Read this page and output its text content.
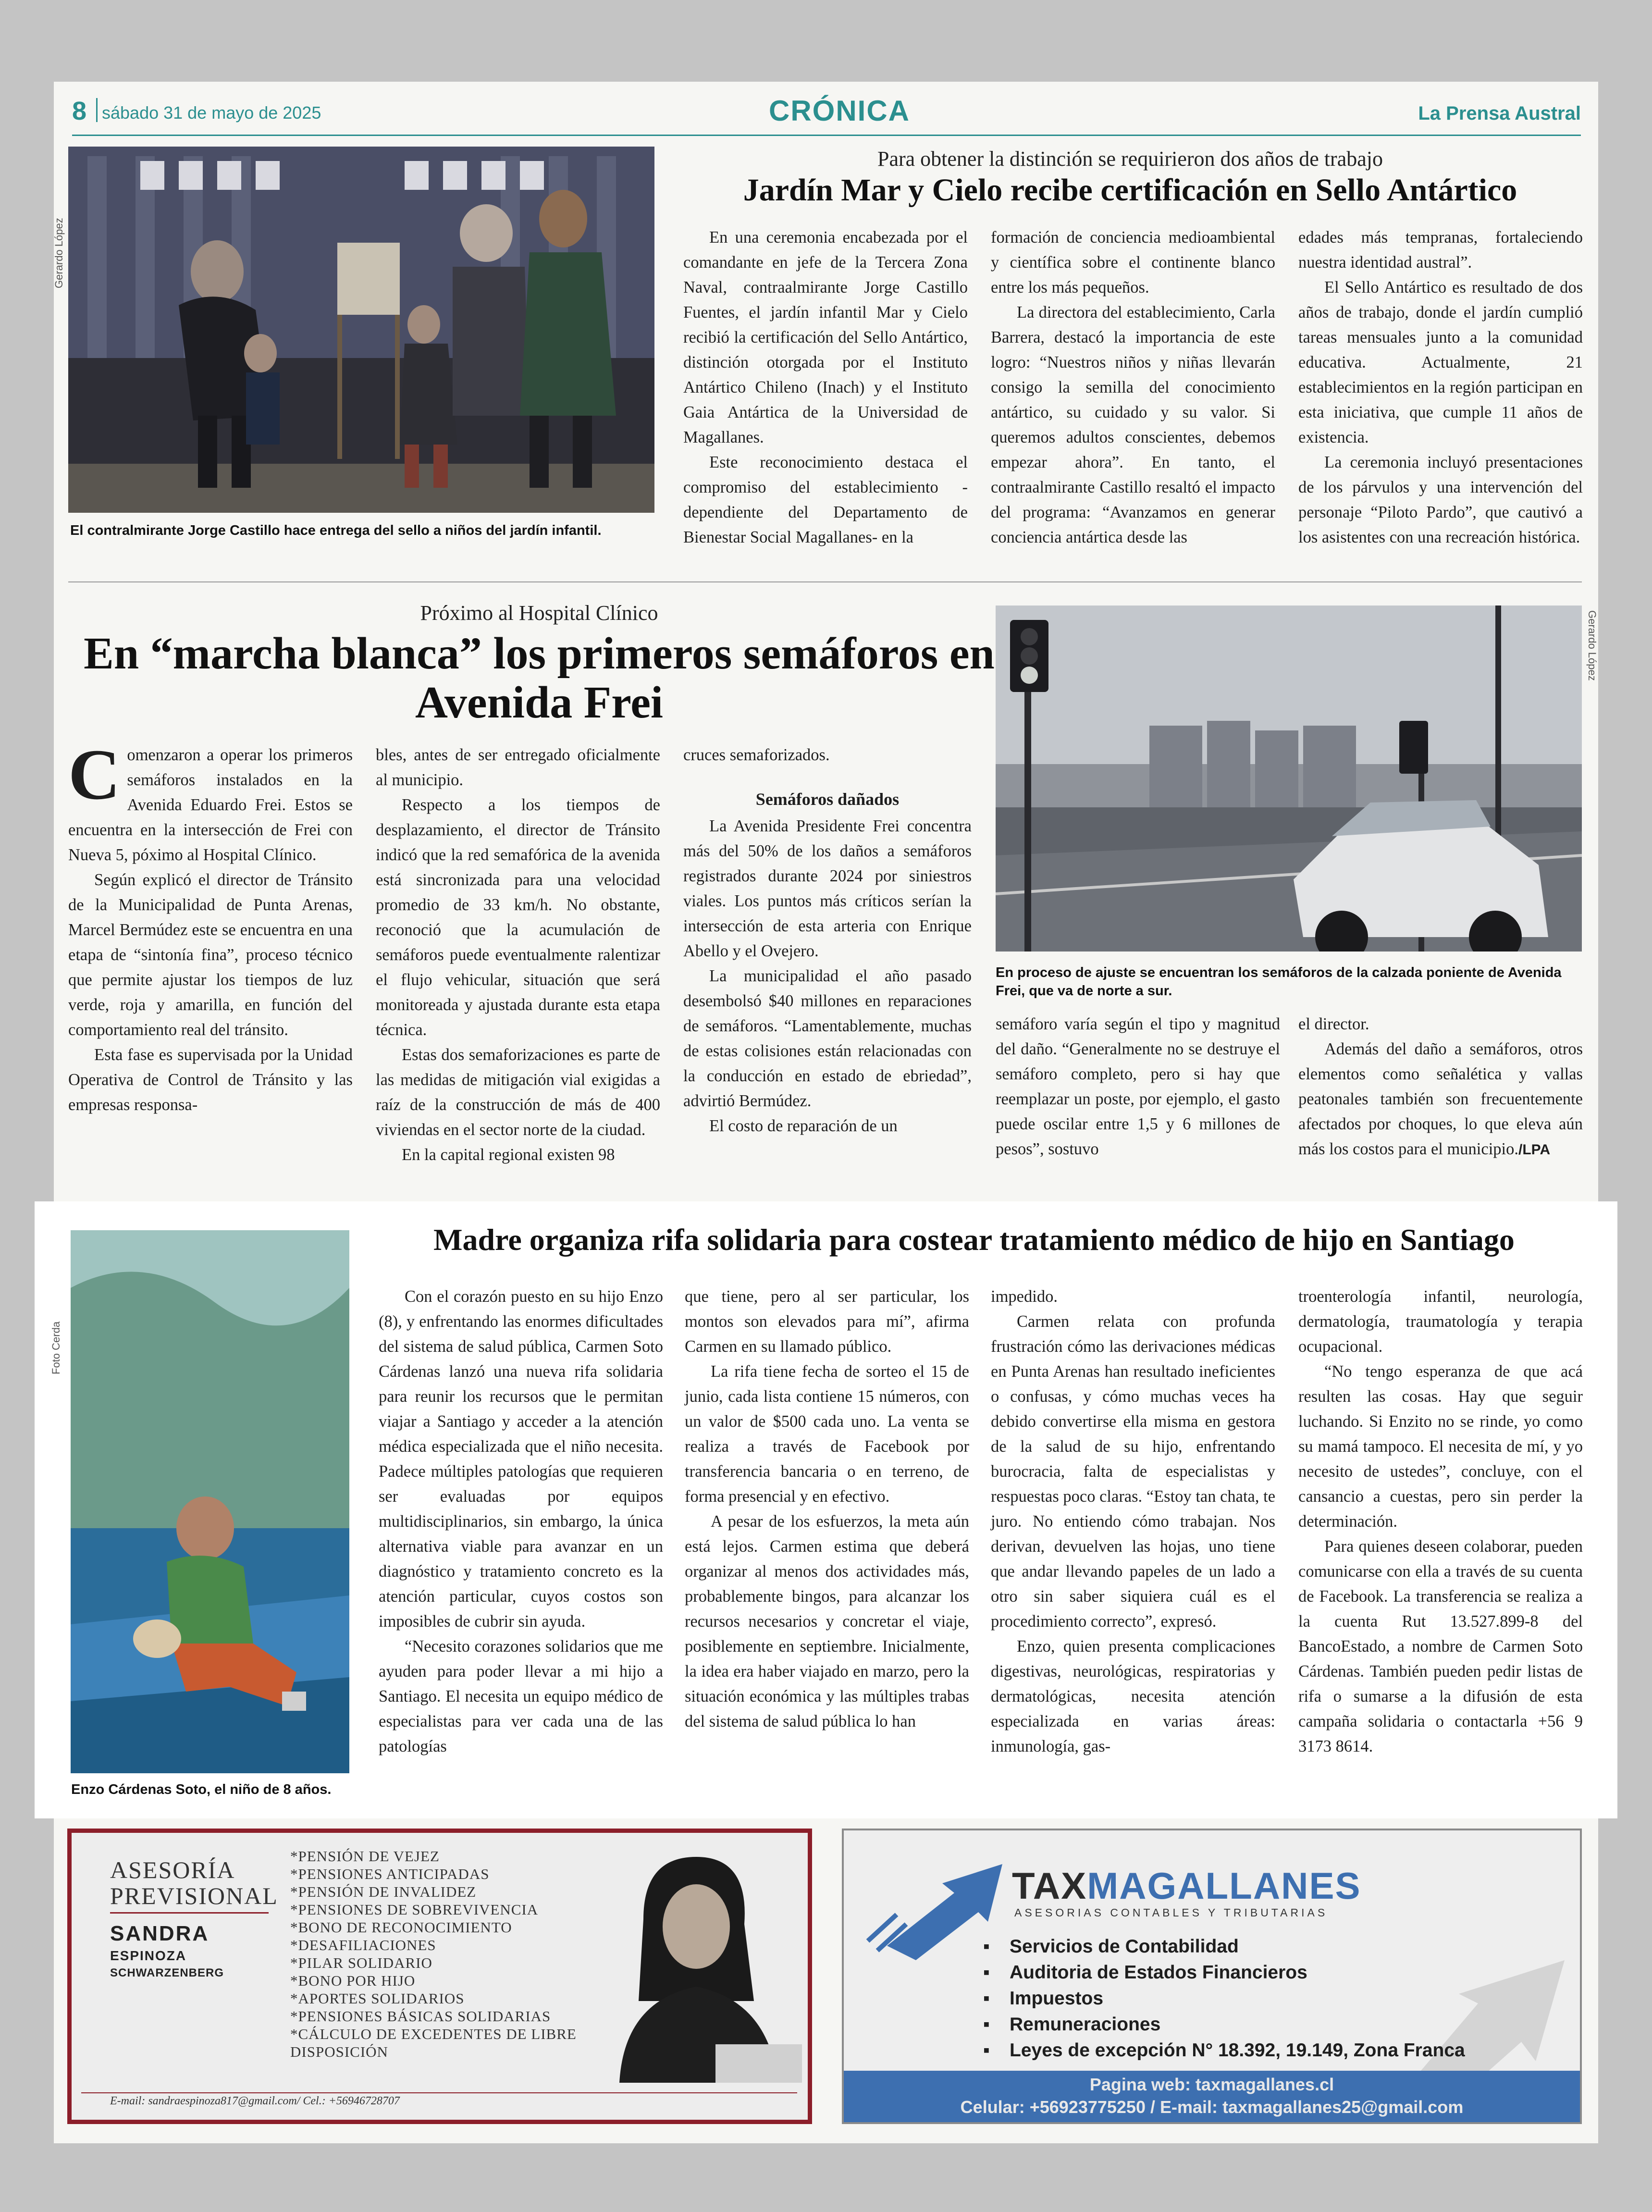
8 sábado 31 de mayo de 2025	CRÓNICA	La Prensa Austral
Gerardo López
El contralmirante Jorge Castillo hace entrega del sello a niños del jardín infantil.
Para obtener la distinción se requirieron dos años de trabajo
Jardín Mar y Cielo recibe certificación en Sello Antártico

En una ceremonia encabezada por el comandante en jefe de la Tercera Zona Naval, contraalmirante Jorge Castillo Fuentes, el jardín infantil Mar y Cielo recibió la certificación del Sello Antártico, distinción otorgada por el Instituto Antártico Chileno (Inach) y el Instituto Gaia Antártica de la Universidad de Magallanes.

Este reconocimiento destaca el compromiso del establecimiento -dependiente del Departamento de Bienestar Social Magallanes- en la

formación de conciencia medioambiental y científica sobre el continente blanco entre los más pequeños.

La directora del establecimiento, Carla Barrera, destacó la importancia de este logro: “Nuestros niños y niñas llevarán consigo la semilla del conocimiento antártico, su cuidado y su valor. Si queremos adultos conscientes, debemos empezar ahora”. En tanto, el contraalmirante Castillo resaltó el impacto del programa: “Avanzamos en generar conciencia antártica desde las

edades más tempranas, fortaleciendo nuestra identidad austral”.

El Sello Antártico es resultado de dos años de trabajo, donde el jardín cumplió tareas mensuales junto a la comunidad educativa. Actualmente, 21 establecimientos en la región participan en esta iniciativa, que cumple 11 años de existencia.

La ceremonia incluyó presentaciones de los párvulos y una intervención del personaje “Piloto Pardo”, que cautivó a los asistentes con una recreación histórica.

Próximo al Hospital Clínico
En “marcha blanca” los primeros semáforos en Avenida Frei
Gerardo López
En proceso de ajuste se encuentran los semáforos de la calzada poniente de Avenida Frei, que va de norte a sur.

Comenzaron a operar los primeros semáforos instalados en la Avenida Eduardo Frei. Estos se encuentra en la intersección de Frei con Nueva 5, póximo al Hospital Clínico.

Según explicó el director de Tránsito de la Municipalidad de Punta Arenas, Marcel Bermúdez este se encuentra en una etapa de “sintonía fina”, proceso técnico que permite ajustar los tiempos de luz verde, roja y amarilla, en función del comportamiento real del tránsito.

Esta fase es supervisada por la Unidad Operativa de Control de Tránsito y las empresas responsa-

bles, antes de ser entregado oficialmente al municipio.

Respecto a los tiempos de desplazamiento, el director de Tránsito indicó que la red semafórica de la avenida está sincronizada para una velocidad promedio de 33 km/h. No obstante, reconoció que la acumulación de semáforos puede eventualmente ralentizar el flujo vehicular, situación que será monitoreada y ajustada durante esta etapa técnica.

Estas dos semaforizaciones es parte de las medidas de mitigación vial exigidas a raíz de la construcción de más de 400 viviendas en el sector norte de la ciudad.

En la capital regional existen 98

cruces semaforizados.

Semáforos dañados

La Avenida Presidente Frei concentra más del 50% de los daños a semáforos registrados durante 2024 por siniestros viales. Los puntos más críticos serían la intersección de esta arteria con Enrique Abello y el Ovejero.

La municipalidad el año pasado desembolsó $40 millones en reparaciones de semáforos. “Lamentablemente, muchas de estas colisiones están relacionadas con la conducción en estado de ebriedad”, advirtió Bermúdez.

El costo de reparación de un

semáforo varía según el tipo y magnitud del daño. “Generalmente no se destruye el semáforo completo, pero si hay que reemplazar un poste, por ejemplo, el gasto puede oscilar entre 1,5 y 6 millones de pesos”, sostuvo

el director.

Además del daño a semáforos, otros elementos como señalética y vallas peatonales también son frecuentemente afectados por choques, lo que eleva aún más los costos para el municipio./LPA

Foto Cerda
Enzo Cárdenas Soto, el niño de 8 años.
Madre organiza rifa solidaria para costear tratamiento médico de hijo en Santiago

Con el corazón puesto en su hijo Enzo (8), y enfrentando las enormes dificultades del sistema de salud pública, Carmen Soto Cárdenas lanzó una nueva rifa solidaria para reunir los recursos que le permitan viajar a Santiago y acceder a la atención médica especializada que el niño necesita. Padece múltiples patologías que requieren ser evaluadas por equipos multidisciplinarios, sin embargo, la única alternativa viable para avanzar en un diagnóstico y tratamiento concreto es la atención particular, cuyos costos son imposibles de cubrir sin ayuda.

“Necesito corazones solidarios que me ayuden para poder llevar a mi hijo a Santiago. El necesita un equipo médico de especialistas para ver cada una de las patologías

que tiene, pero al ser particular, los montos son elevados para mí”, afirma Carmen en su llamado público.

La rifa tiene fecha de sorteo el 15 de junio, cada lista contiene 15 números, con un valor de $500 cada uno. La venta se realiza a través de Facebook por transferencia bancaria o en terreno, de forma presencial y en efectivo.

A pesar de los esfuerzos, la meta aún está lejos. Carmen estima que deberá organizar al menos dos actividades más, probablemente bingos, para alcanzar los recursos necesarios y concretar el viaje, posiblemente en septiembre. Inicialmente, la idea era haber viajado en marzo, pero la situación económica y las múltiples trabas del sistema de salud pública lo han

impedido.

Carmen relata con profunda frustración cómo las derivaciones médicas en Punta Arenas han resultado ineficientes o confusas, y cómo muchas veces ha debido convertirse ella misma en gestora de la salud de su hijo, enfrentando burocracia, falta de especialistas y respuestas poco claras. “Estoy tan chata, te juro. No entiendo cómo trabajan. Nos derivan, devuelven las hojas, uno tiene que andar llevando papeles de un lado a otro sin saber siquiera cuál es el procedimiento correcto”, expresó.

Enzo, quien presenta complicaciones digestivas, neurológicas, respiratorias y dermatológicas, necesita atención especializada en varias áreas: inmunología, gas-

troenterología infantil, neurología, dermatología, traumatología y terapia ocupacional.

“No tengo esperanza de que acá resulten las cosas. Hay que seguir luchando. Si Enzito no se rinde, yo como su mamá tampoco. El necesita de mí, y yo necesito de ustedes”, concluye, con el cansancio a cuestas, pero sin perder la determinación.

Para quienes deseen colaborar, pueden comunicarse con ella a través de su cuenta de Facebook. La transferencia se realiza a la cuenta Rut 13.527.899-8 del BancoEstado, a nombre de Carmen Soto Cárdenas. También pueden pedir listas de rifa o sumarse a la difusión de esta campaña solidaria o contactarla +56 9 3173 8614.

ASESORÍA
PREVISIONAL
SANDRA
ESPINOZA
SCHWARZENBERG
*PENSIÓN DE VEJEZ
*PENSIONES ANTICIPADAS
*PENSIÓN DE INVALIDEZ
*PENSIONES DE SOBREVIVENCIA
*BONO DE RECONOCIMIENTO
*DESAFILIACIONES
*PILAR SOLIDARIO
*BONO POR HIJO
*APORTES SOLIDARIOS
*PENSIONES BÁSICAS SOLIDARIAS
*CÁLCULO DE EXCEDENTES DE LIBRE DISPOSICIÓN
E-mail: sandraespinoza817@gmail.com/ Cel.: +56946728707
TAXMAGALLANES
ASESORIAS CONTABLES Y TRIBUTARIAS
▪ Servicios de Contabilidad
▪ Auditoria de Estados Financieros
▪ Impuestos
▪ Remuneraciones
▪ Leyes de excepción N° 18.392, 19.149, Zona Franca
Pagina web: taxmagallanes.cl
Celular: +56923775250 / E-mail: taxmagallanes25@gmail.com
